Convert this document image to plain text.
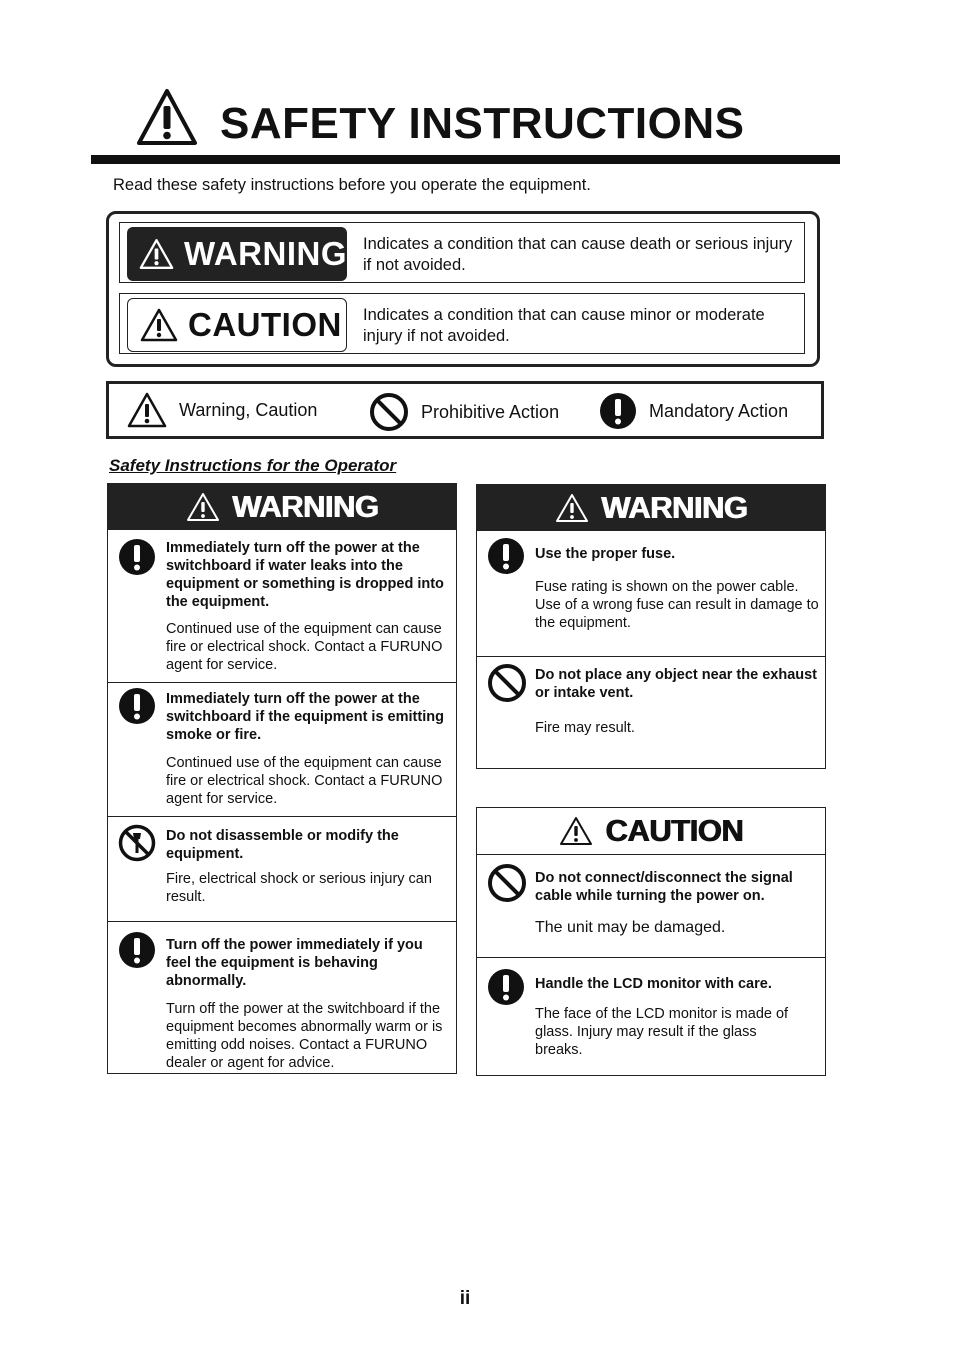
SAFETY INSTRUCTIONS

Read these safety instructions before you operate the equipment.

WARNING Indicates a condition that can cause death or serious injury if not avoided.

CAUTION Indicates a condition that can cause minor or moderate injury if not avoided.

Warning, Caution	Prohibitive Action	Mandatory Action

Safety Instructions for the Operator

WARNING

Immediately turn off the power at the switchboard if water leaks into the equipment or something is dropped into the equipment.

Continued use of the equipment can cause fire or electrical shock. Contact a FURUNO agent for service.

Immediately turn off the power at the switchboard if the equipment is emitting smoke or fire.

Continued use of the equipment can cause fire or electrical shock. Contact a FURUNO agent for service.

Do not disassemble or modify the equipment.

Fire, electrical shock or serious injury can result.

Turn off the power immediately if you feel the equipment is behaving abnormally.

Turn off the power at the switchboard if the equipment becomes abnormally warm or is emitting odd noises. Contact a FURUNO dealer or agent for advice.

WARNING

Use the proper fuse.

Fuse rating is shown on the power cable. Use of a wrong fuse can result in damage to the equipment.

Do not place any object near the exhaust or intake vent.

Fire may result.

CAUTION

Do not connect/disconnect the signal cable while turning the power on.

The unit may be damaged.

Handle the LCD monitor with care.

The face of the LCD monitor is made of glass. Injury may result if the glass breaks.

ii
